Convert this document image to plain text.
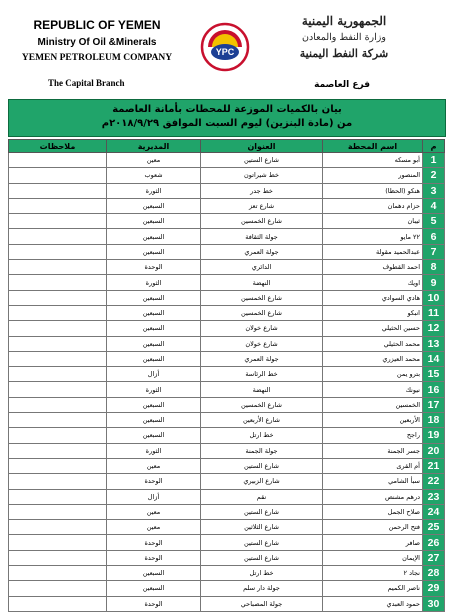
REPUBLIC OF YEMEN
Ministry Of Oil &Minerals
YEMEN PETROLEUM COMPANY
The Capital Branch
YPC
الجمهورية اليمنية
وزارة النفط والمعادن
شركة النفط اليمنية
فرع العاصمة
بيان بالكميات الموزعة للمحطات بأمانة العاصمة
من (مادة البنزين) ليوم السبت الموافق ٢٠١٨/٩/٢٩م
م	اسم المحطة	العنوان	المديرية	ملاحظات
1	أبو مسكه	شارع الستين	معين	
2	المنصور	خط شيراتون	شعوب	
3	هنكو (الحظا)	خط جدر	الثورة	
4	حزام دهمان	شارع تعز	السبعين	
5	ثيبان	شارع الخمسين	السبعين	
6	٢٢ مايو	جولة الثقافة	السبعين	
7	عبدالحميد مقولة	جولة العمري	السبعين	
8	احمد القطوف	الدائري	الوحدة	
9	اويك	النهضة	الثورة	
10	هادي السوادي	شارع الخمسين	السبعين	
11	انبكو	شارع الخمسين	السبعين	
12	حسين الحثيلي	شارع خولان	السبعين	
13	محمد الحثيلي	شارع خولان	السبعين	
14	محمد العيزري	جولة العمري	السبعين	
15	بترو يمن	خط الرئاسة	أزال	
16	نيونك	النهضة	الثورة	
17	الخمسين	شارع الخمسين	السبعين	
18	الأربعين	شارع الأربعين	السبعين	
19	راجح	خط ارتل	السبعين	
20	جسر الجمنة	جولة الجمنة	الثورة	
21	أم القرى	شارع الستين	معين	
22	سبأ الشامي	شارع الزبيري	الوحدة	
23	درهم مشنص	نقم	أزال	
24	صلاح الجمل	شارع الستين	معين	
25	فتح الرحمن	شارع الثلاثين	معين	
26	صافر	شارع الستين	الوحدة	
27	الإيمان	شارع الستين	الوحدة	
28	نجاد ٢	خط ارتل	السبعين	
29	ناصر الكميم	جولة دار سلم	السبعين	
30	حمود العبدي	جولة المصباحي	الوحدة	
